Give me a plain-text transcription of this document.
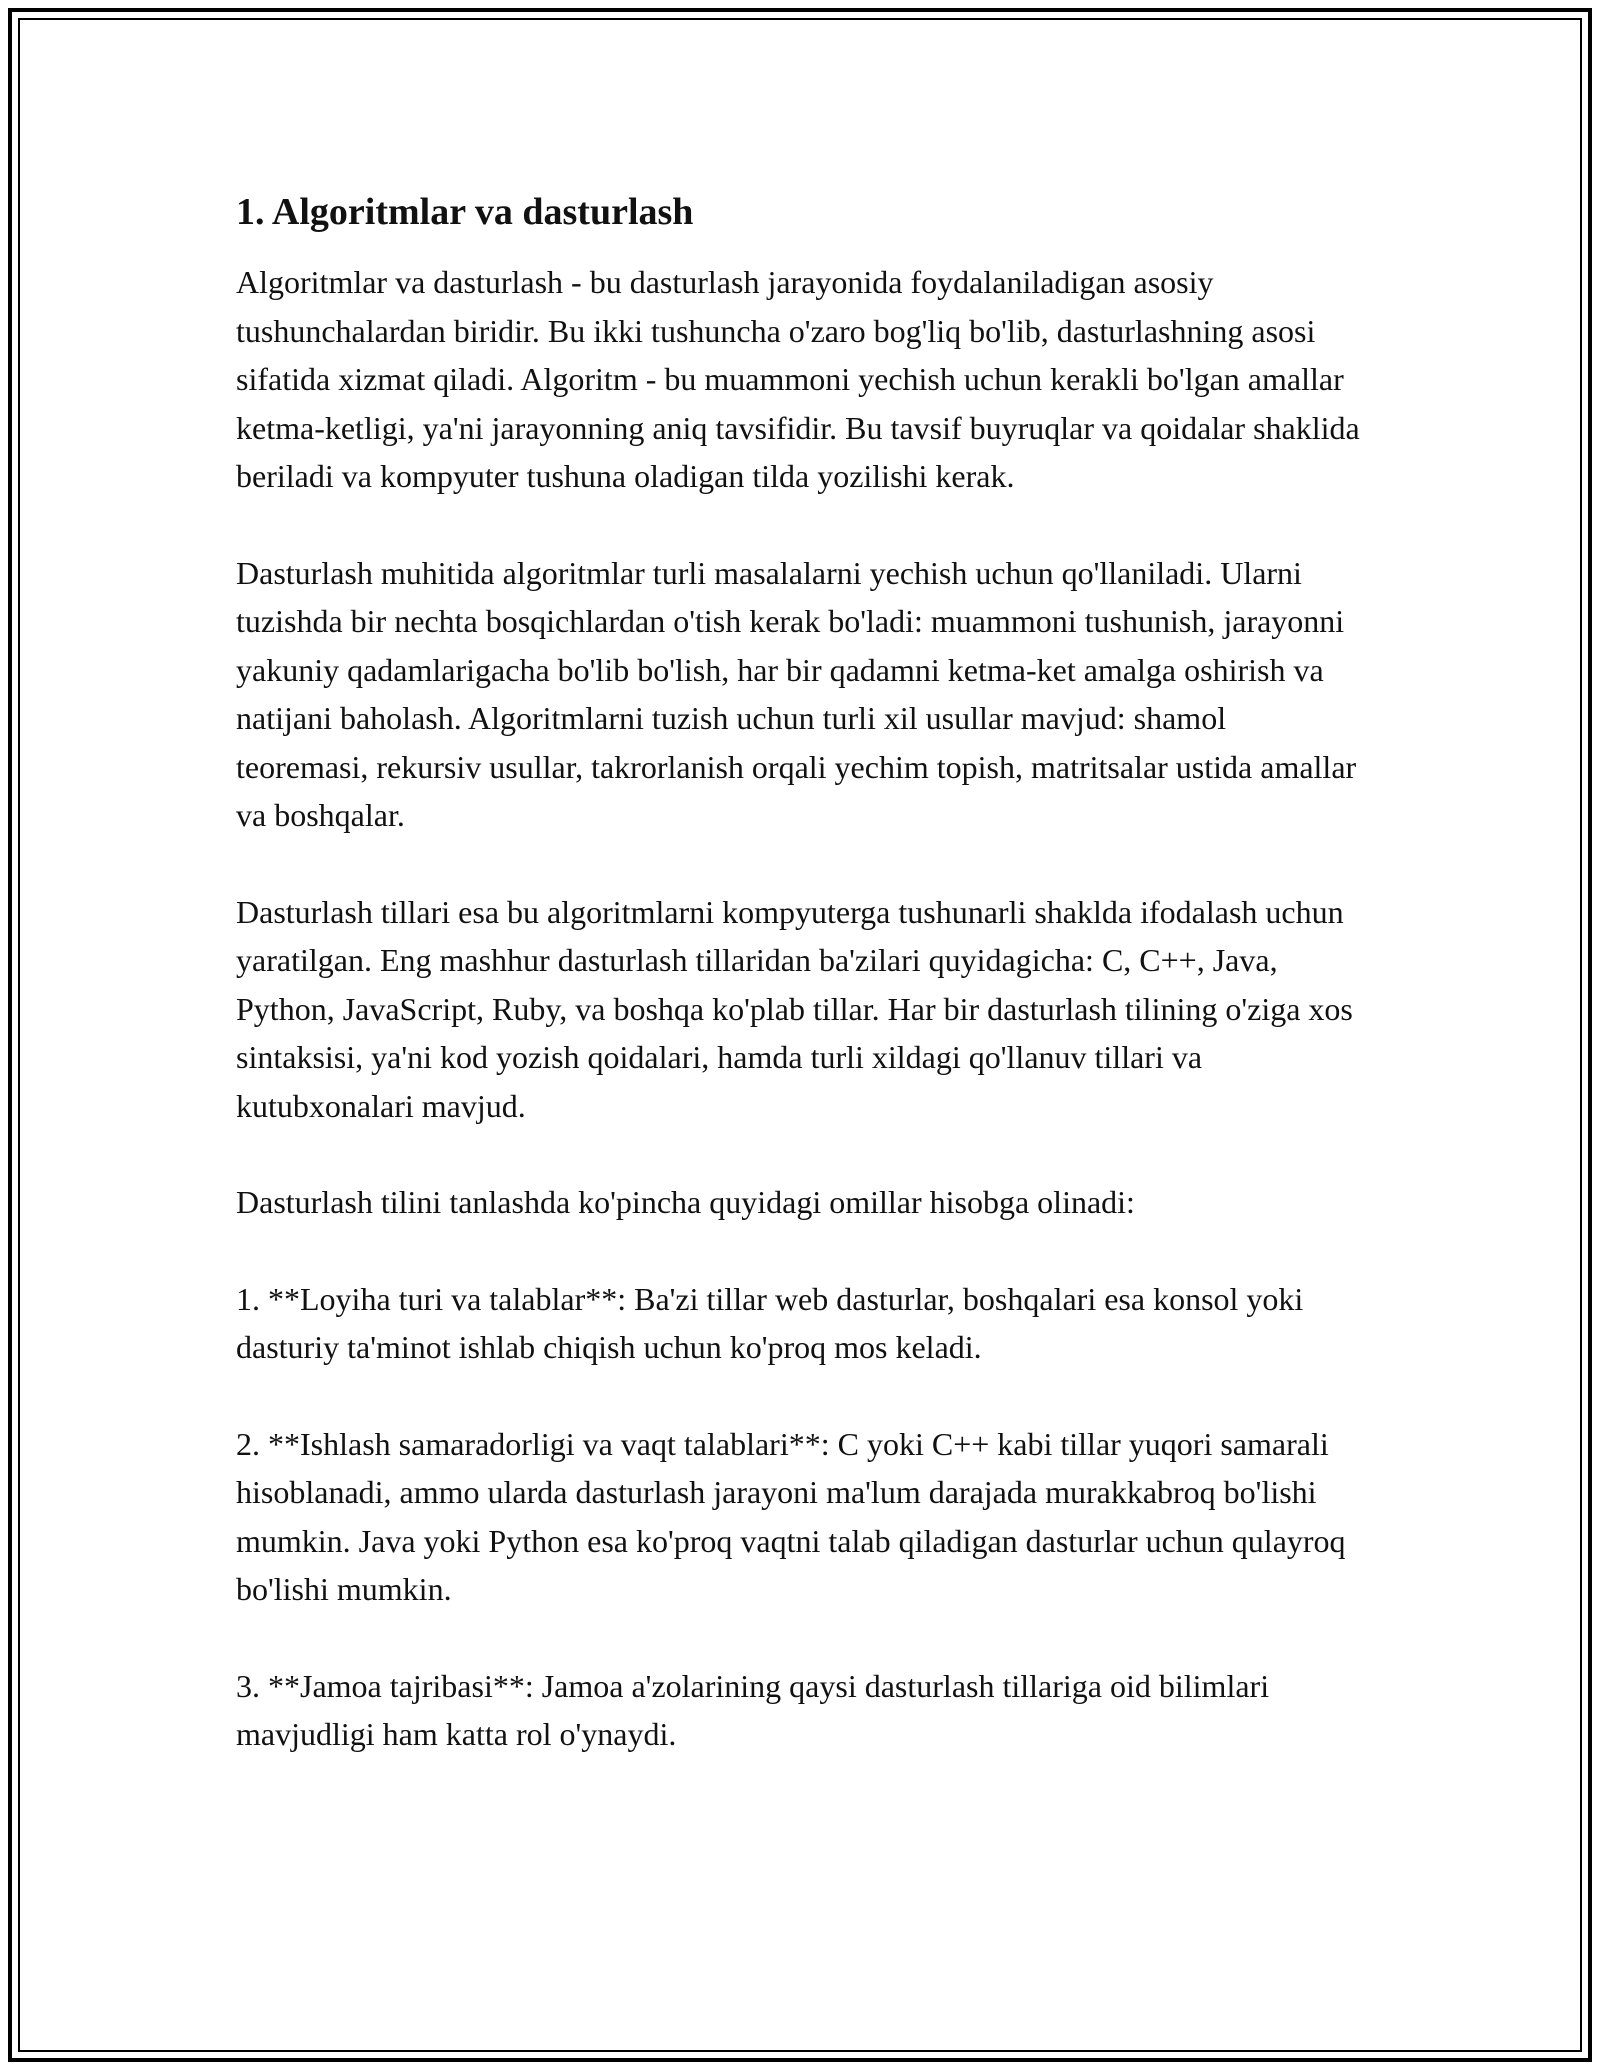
1. Algoritmlar va dasturlash

Algoritmlar va dasturlash - bu dasturlash jarayonida foydalaniladigan asosiy tushunchalardan biridir. Bu ikki tushuncha o'zaro bog'liq bo'lib, dasturlashning asosi sifatida xizmat qiladi. Algoritm - bu muammoni yechish uchun kerakli bo'lgan amallar ketma-ketligi, ya'ni jarayonning aniq tavsifidir. Bu tavsif buyruqlar va qoidalar shaklida beriladi va kompyuter tushuna oladigan tilda yozilishi kerak.

Dasturlash muhitida algoritmlar turli masalalarni yechish uchun qo'llaniladi. Ularni tuzishda bir nechta bosqichlardan o'tish kerak bo'ladi: muammoni tushunish, jarayonni yakuniy qadamlarigacha bo'lib bo'lish, har bir qadamni ketma-ket amalga oshirish va natijani baholash. Algoritmlarni tuzish uchun turli xil usullar mavjud: shamol teoremasi, rekursiv usullar, takrorlanish orqali yechim topish, matritsalar ustida amallar va boshqalar.

Dasturlash tillari esa bu algoritmlarni kompyuterga tushunarli shaklda ifodalash uchun yaratilgan. Eng mashhur dasturlash tillaridan ba'zilari quyidagicha: C, C++, Java, Python, JavaScript, Ruby, va boshqa ko'plab tillar. Har bir dasturlash tilining o'ziga xos sintaksisi, ya'ni kod yozish qoidalari, hamda turli xildagi qo'llanuv tillari va kutubxonalari mavjud.

Dasturlash tilini tanlashda ko'pincha quyidagi omillar hisobga olinadi:

1. **Loyiha turi va talablar**: Ba'zi tillar web dasturlar, boshqalari esa konsol yoki dasturiy ta'minot ishlab chiqish uchun ko'proq mos keladi.

2. **Ishlash samaradorligi va vaqt talablari**: C yoki C++ kabi tillar yuqori samarali hisoblanadi, ammo ularda dasturlash jarayoni ma'lum darajada murakkabroq bo'lishi mumkin. Java yoki Python esa ko'proq vaqtni talab qiladigan dasturlar uchun qulayroq bo'lishi mumkin.

3. **Jamoa tajribasi**: Jamoa a'zolarining qaysi dasturlash tillariga oid bilimlari mavjudligi ham katta rol o'ynaydi.
